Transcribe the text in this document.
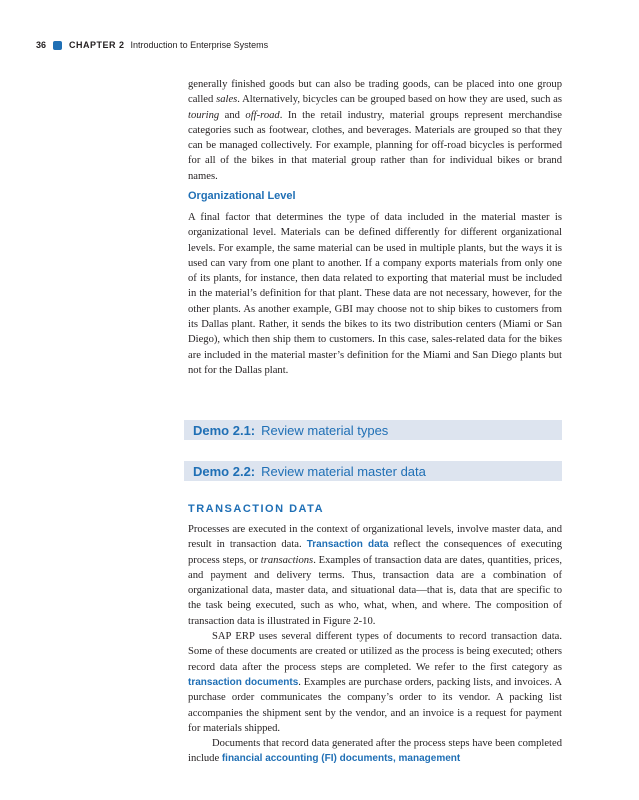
36	CHAPTER 2 Introduction to Enterprise Systems

generally finished goods but can also be trading goods, can be placed into one group called sales. Alternatively, bicycles can be grouped based on how they are used, such as touring and off-road. In the retail industry, material groups represent merchandise categories such as footwear, clothes, and beverages. Materials are grouped so that they can be managed collectively. For example, planning for off-road bicycles is performed for all of the bikes in that material group rather than for individual bikes or brand names.

Organizational Level

A final factor that determines the type of data included in the material master is organizational level. Materials can be defined differently for different organizational levels. For example, the same material can be used in multiple plants, but the ways it is used can vary from one plant to another. If a company exports materials from only one of its plants, for instance, then data related to exporting that material must be included in the material’s definition for that plant. These data are not necessary, however, for the other plants. As another example, GBI may choose not to ship bikes to customers from its Dallas plant. Rather, it sends the bikes to its two distribution centers (Miami or San Diego), which then ship them to customers. In this case, sales-related data for the bikes are included in the material master’s definition for the Miami and San Diego plants but not for the Dallas plant.

Demo 2.1: Review material types
Demo 2.2: Review material master data
TRANSACTION DATA

Processes are executed in the context of organizational levels, involve master data, and result in transaction data. Transaction data reflect the consequences of executing process steps, or transactions. Examples of transaction data are dates, quantities, prices, and payment and delivery terms. Thus, transaction data are a combination of organizational data, master data, and situational data—that is, data that are specific to the task being executed, such as who, what, when, and where. The composition of transaction data is illustrated in Figure 2-10.

SAP ERP uses several different types of documents to record transaction data. Some of these documents are created or utilized as the process is being executed; others record data after the process steps are completed. We refer to the first category as transaction documents. Examples are purchase orders, packing lists, and invoices. A purchase order communicates the company’s order to its vendor. A packing list accompanies the shipment sent by the vendor, and an invoice is a request for payment for materials shipped.

Documents that record data generated after the process steps have been completed include financial accounting (FI) documents, management
